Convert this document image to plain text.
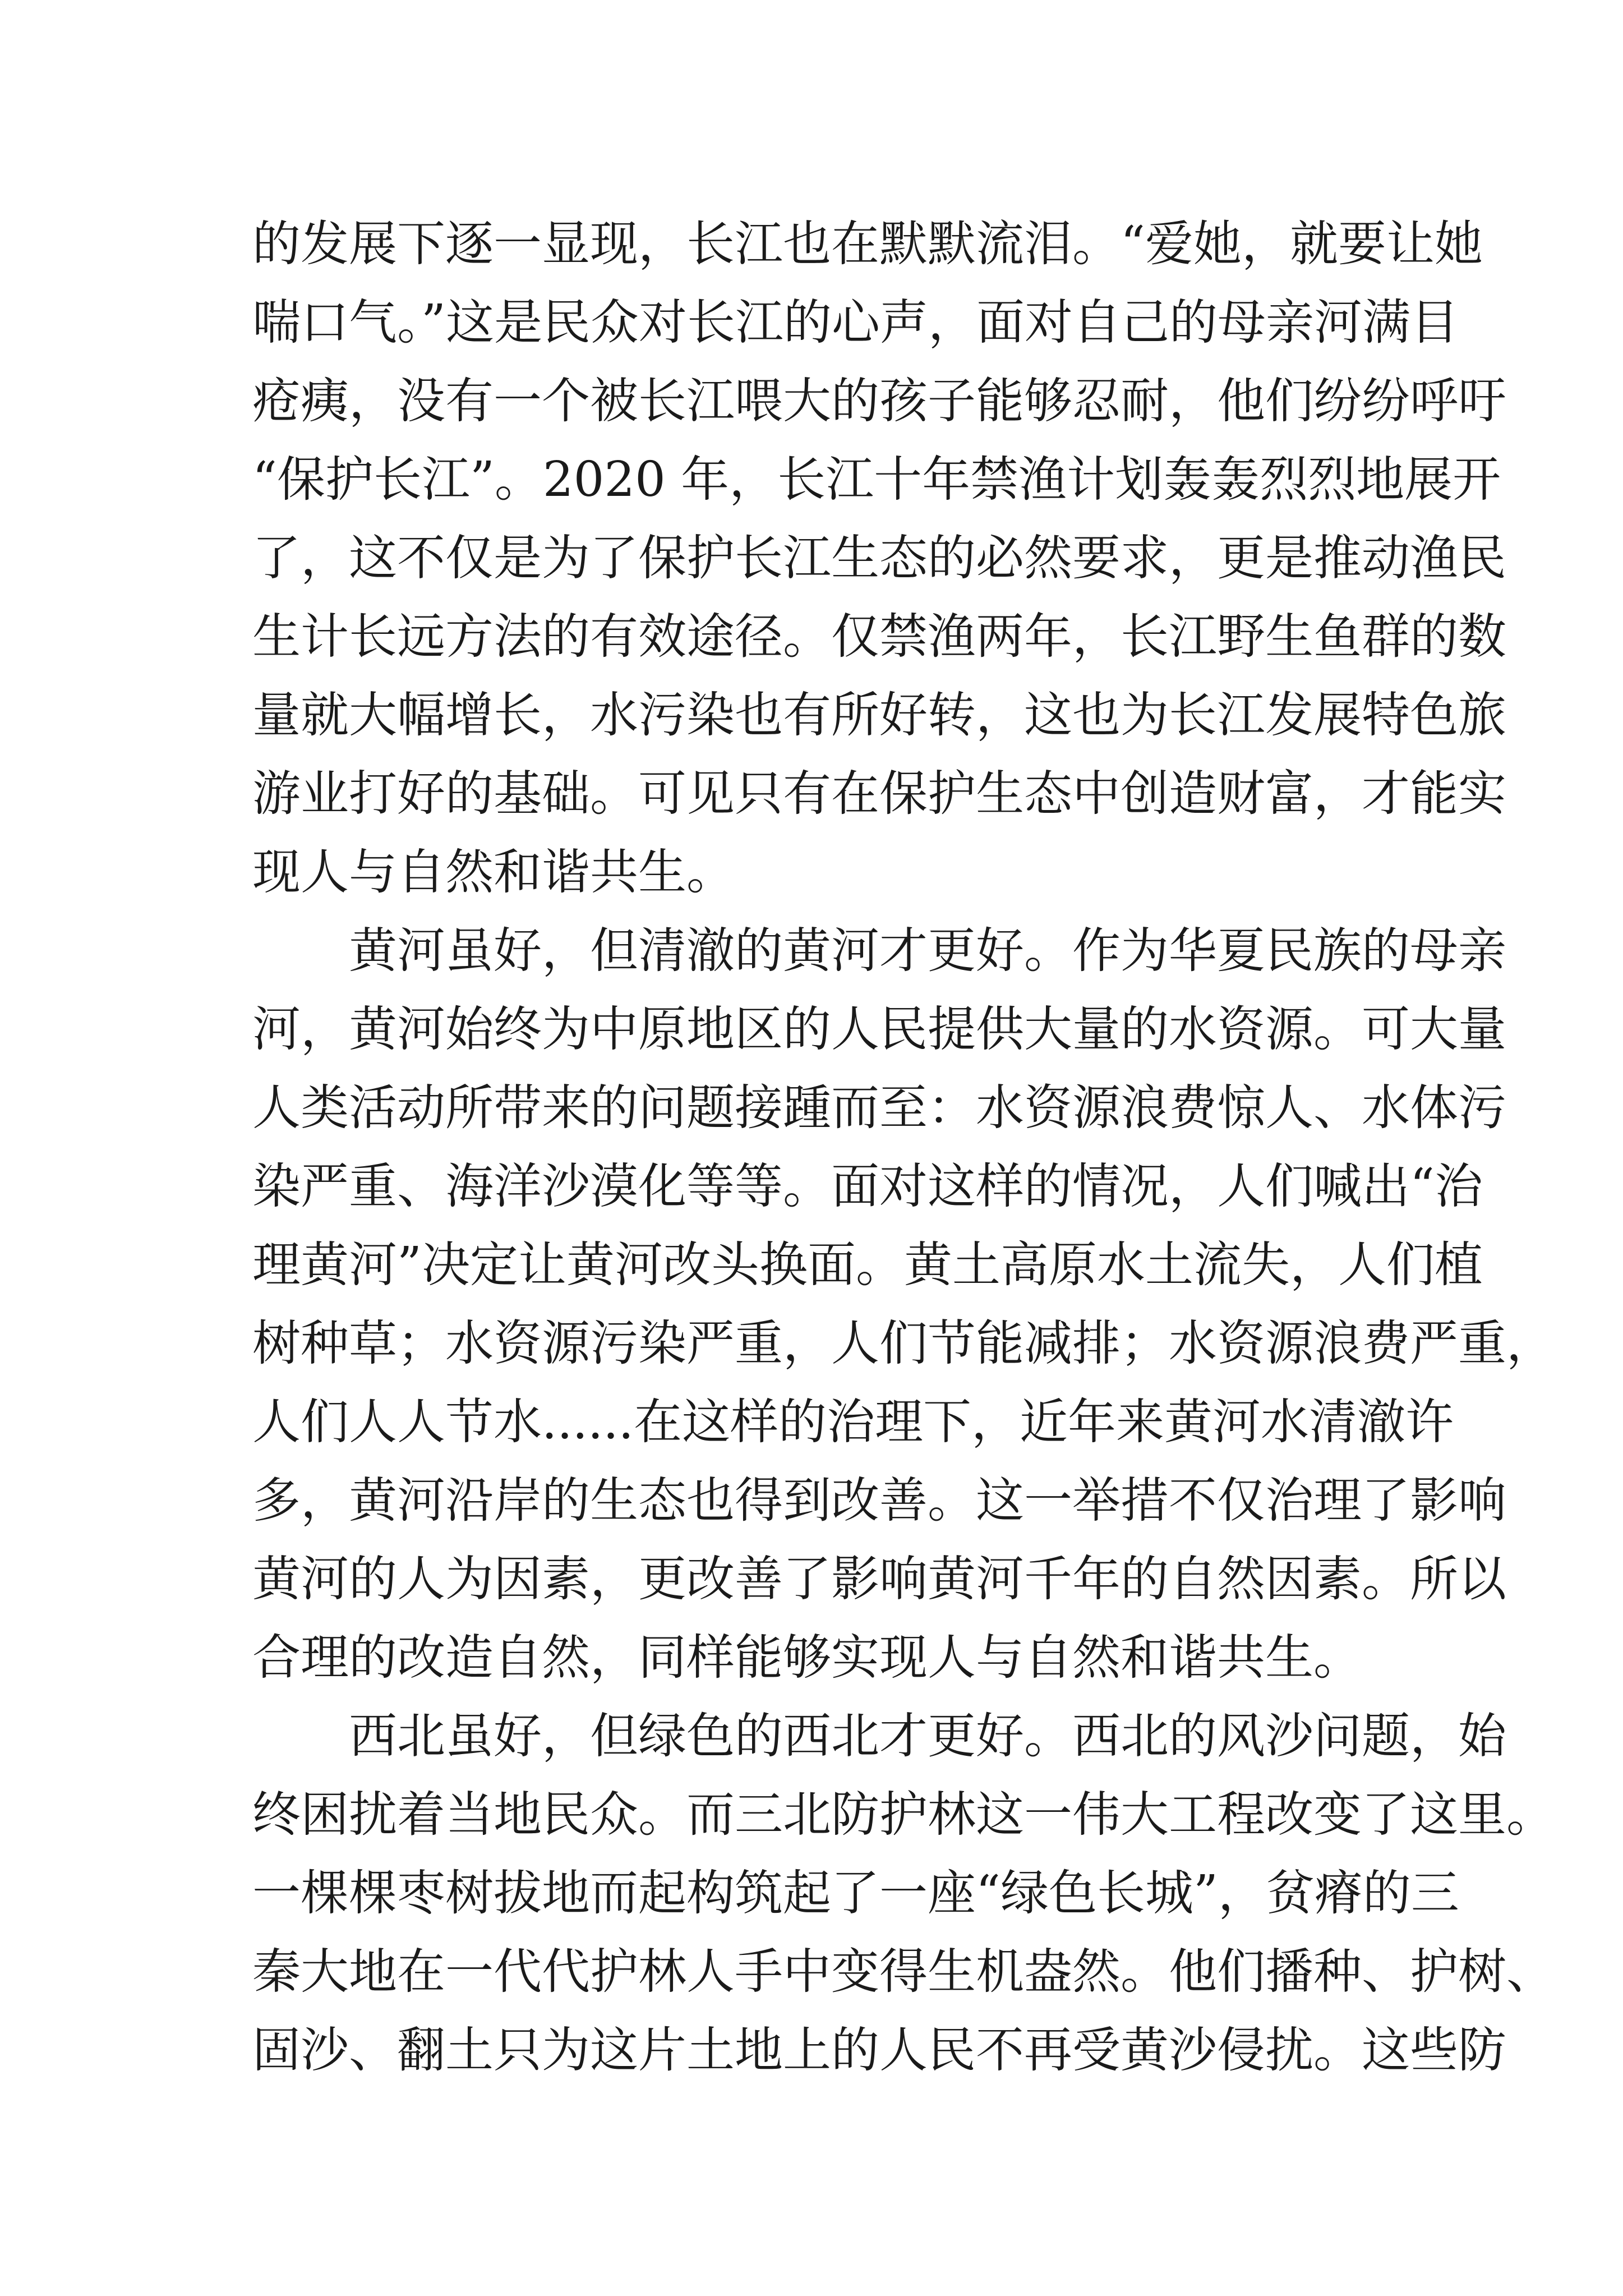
的发展下逐一显现，长江也在默默流泪。“爱她，就要让她
喘口气。”这是民众对长江的心声，面对自己的母亲河满目
疮痍，没有一个被长江喂大的孩子能够忍耐，他们纷纷呼吁
“保护长江”。2020 年，长江十年禁渔计划轰轰烈烈地展开
了，这不仅是为了保护长江生态的必然要求，更是推动渔民
生计长远方法的有效途径。仅禁渔两年，长江野生鱼群的数
量就大幅增长，水污染也有所好转，这也为长江发展特色旅
游业打好的基础。可见只有在保护生态中创造财富，才能实
现人与自然和谐共生。
黄河虽好，但清澈的黄河才更好。作为华夏民族的母亲
河，黄河始终为中原地区的人民提供大量的水资源。可大量
人类活动所带来的问题接踵而至：水资源浪费惊人、水体污
染严重、海洋沙漠化等等。面对这样的情况，人们喊出“治
理黄河”决定让黄河改头换面。黄土高原水土流失，人们植
树种草；水资源污染严重，人们节能减排；水资源浪费严重，
人们人人节水......在这样的治理下，近年来黄河水清澈许
多，黄河沿岸的生态也得到改善。这一举措不仅治理了影响
黄河的人为因素，更改善了影响黄河千年的自然因素。所以
合理的改造自然，同样能够实现人与自然和谐共生。
西北虽好，但绿色的西北才更好。西北的风沙问题，始
终困扰着当地民众。而三北防护林这一伟大工程改变了这里。
一棵棵枣树拔地而起构筑起了一座“绿色长城”，贫瘠的三
秦大地在一代代护林人手中变得生机盎然。他们播种、护树、
固沙、翻土只为这片土地上的人民不再受黄沙侵扰。这些防
